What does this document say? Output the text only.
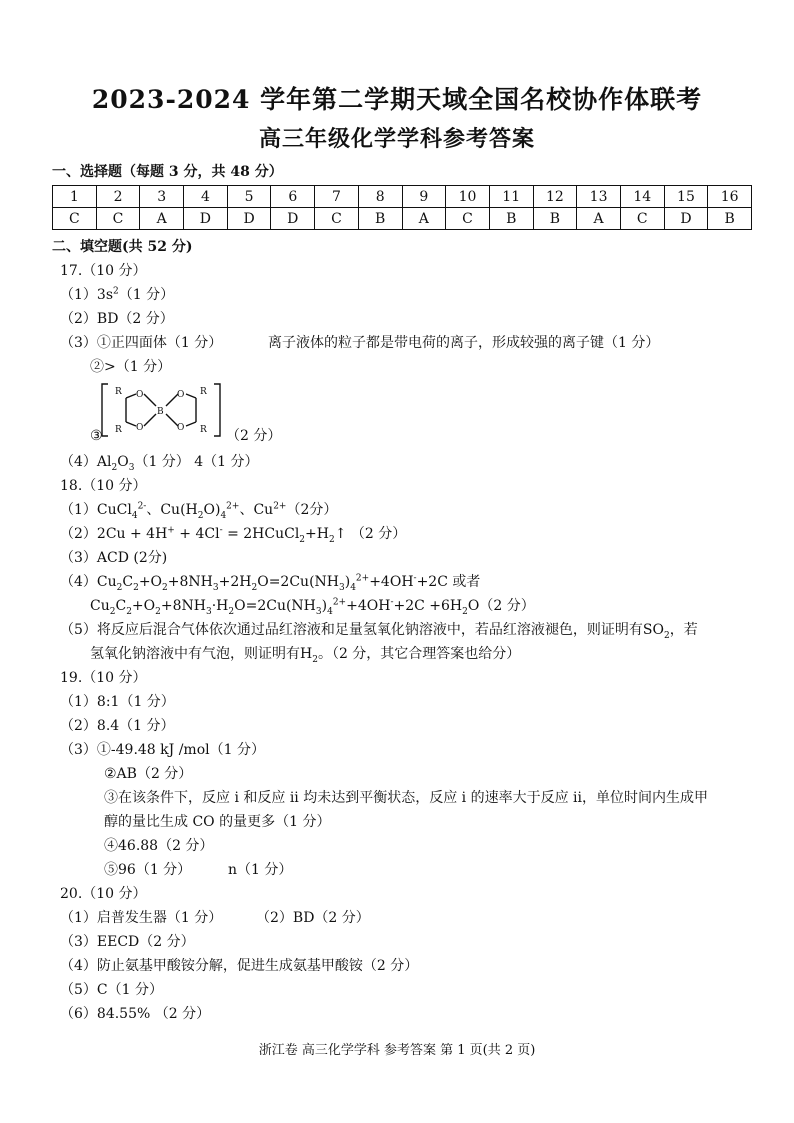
2023-2024 学年第二学期天域全国名校协作体联考
高三年级化学学科参考答案
一、选择题（每题 3 分，共 48 分）
1	2	3	4	5	6	7	8	9	10	11	12	13	14	15	16
C	C	A	D	D	D	C	B	A	C	B	B	A	C	D	B
二、填空题(共 52 分)
17.（10 分）
$(1)3s^2(1$ 分）
（2）BD（2 分）
（3）①正四面体（1 分）	离子液体的粒子都是带电荷的离子，形成较强的离子键（1 分）
②>（1 分）
③
R
R
O
O
B
O
O
R
R （2 分）
$(4)Al_2O_3(1$ 分） 4（1 分）
18.（10 分）
（1）CuCl$_4^{2-}$、$Cu(H_2O)_4^{2+}$、$Cu^{2+}(2$分）
$(2)2Cu + 4H^+ + 4Cl^- = 2HCuCl_2+H_2↑$ （2 分）
（3）ACD (2分)
$(4)Cu_2C_2+O_2+8NH_3+2H_2O=2Cu(NH_3)_4^{2+}+4OH^-+2C$ 或者
$Cu_2C_2+O_2+8NH_3\cdot H_2O=2Cu(NH_3)_4^{2+}+4OH^-+2C +6H_2O(2$ 分）
（5）将反应后混合气体依次通过品红溶液和足量氢氧化钠溶液中，若品红溶液褪色，则证明有$SO_2$，若
氢氧化钠溶液中有气泡，则证明有$H_2$。（2 分，其它合理答案也给分）
19.（10 分）
（1）8:1（1 分）
（2）8.4（1 分）
（3）①-49.48 kJ /mol（1 分）
②AB（2 分）
③在该条件下，反应 i 和反应 ii 均未达到平衡状态，反应 i 的速率大于反应 ii，单位时间内生成甲
醇的量比生成 CO 的量更多（1 分）
④46.88（2 分）
⑤96（1 分）	n（1 分）
20.（10 分）
（1）启普发生器（1 分） （2）BD（2 分）
（3）EECD（2 分）
（4）防止氨基甲酸铵分解，促进生成氨基甲酸铵（2 分）
（5）C（1 分）
（6）84.55% （2 分）
浙江卷 高三化学学科 参考答案 第 1 页(共 2 页)
